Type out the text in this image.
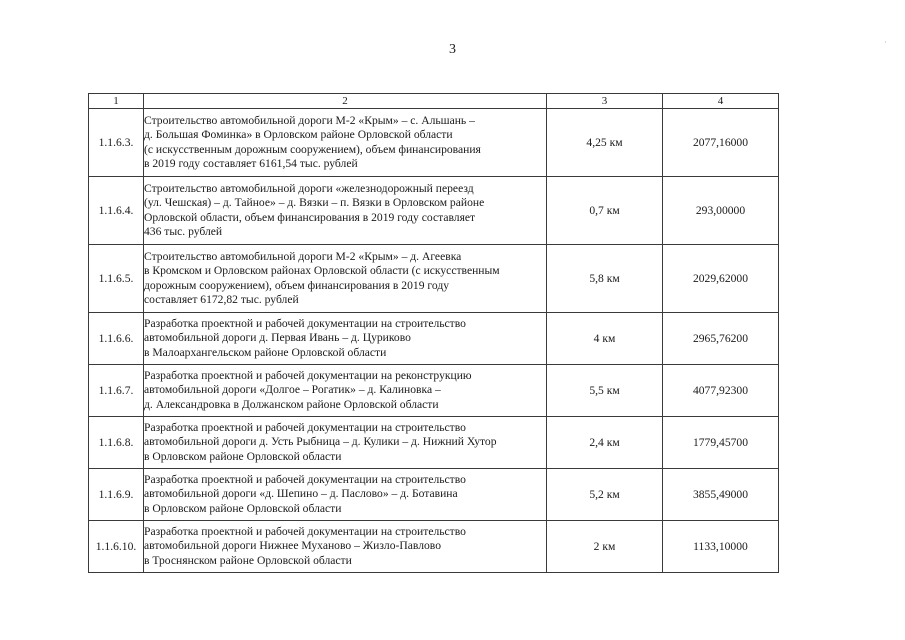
3	·
1	2	3	4
1.1.6.3.	Строительство автомобильной дороги М-2 «Крым» – с. Альшань –
д. Большая Фоминка» в Орловском районе Орловской области
(с искусственным дорожным сооружением), объем финансирования
в 2019 году составляет 6161,54 тыс. рублей	4,25 км	2077,16000
1.1.6.4.	Строительство автомобильной дороги «железнодорожный переезд
(ул. Чешская) – д. Тайное» – д. Вязки – п. Вязки в Орловском районе
Орловской области, объем финансирования в 2019 году составляет
436 тыс. рублей	0,7 км	293,00000
1.1.6.5.	Строительство автомобильной дороги М-2 «Крым» – д. Агеевка
в Кромском и Орловском районах Орловской области (с искусственным
дорожным сооружением), объем финансирования в 2019 году
составляет 6172,82 тыс. рублей	5,8 км	2029,62000
1.1.6.6.	Разработка проектной и рабочей документации на строительство
автомобильной дороги д. Первая Ивань – д. Цуриково
в Малоархангельском районе Орловской области	4 км	2965,76200
1.1.6.7.	Разработка проектной и рабочей документации на реконструкцию
автомобильной дороги «Долгое – Рогатик» – д. Калиновка –
д. Александровка в Должанском районе Орловской области	5,5 км	4077,92300
1.1.6.8.	Разработка проектной и рабочей документации на строительство
автомобильной дороги д. Усть Рыбница – д. Кулики – д. Нижний Хутор
в Орловском районе Орловской области	2,4 км	1779,45700
1.1.6.9.	Разработка проектной и рабочей документации на строительство
автомобильной дороги «д. Шепино – д. Паслово» – д. Ботавина
в Орловском районе Орловской области	5,2 км	3855,49000
1.1.6.10.	Разработка проектной и рабочей документации на строительство
автомобильной дороги Нижнее Муханово – Жизло-Павлово
в Троснянском районе Орловской области	2 км	1133,10000
